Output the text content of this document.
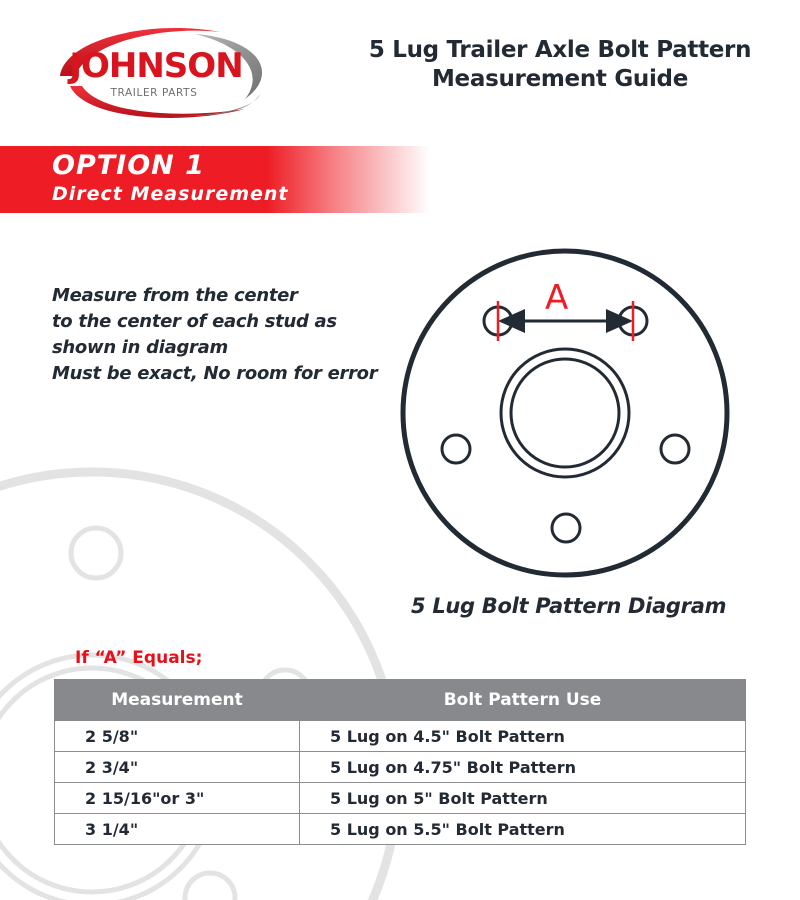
JOHNSON
TRAILER PARTS
5 Lug Trailer Axle Bolt Pattern
Measurement Guide
OPTION 1
Direct Measurement
Measure from the center
to the center of each stud as
shown in diagram
Must be exact, No room for error
A
5 Lug Bolt Pattern Diagram
If “A” Equals;
Measurement	Bolt Pattern Use
2 5/8"	5 Lug on 4.5" Bolt Pattern
2 3/4"	5 Lug on 4.75" Bolt Pattern
2 15/16"or 3"	5 Lug on 5" Bolt Pattern
3 1/4"	5 Lug on 5.5" Bolt Pattern
